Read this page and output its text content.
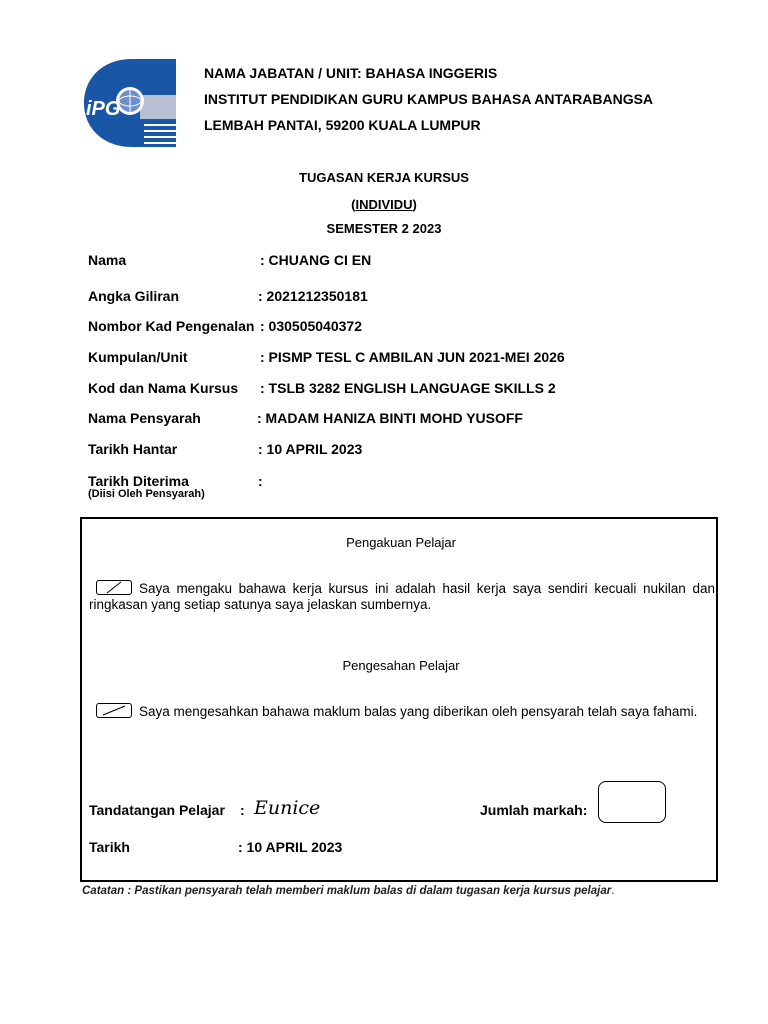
iPG
NAMA JABATAN / UNIT: BAHASA INGGERIS
INSTITUT PENDIDIKAN GURU KAMPUS BAHASA ANTARABANGSA
LEMBAH PANTAI, 59200 KUALA LUMPUR
TUGASAN KERJA KURSUS
(INDIVIDU)
SEMESTER 2 2023
Nama	: CHUANG CI EN
Angka Giliran	: 2021212350181
Nombor Kad Pengenalan : 030505040372
Kumpulan/Unit	: PISMP TESL C AMBILAN JUN 2021-MEI 2026
Kod dan Nama Kursus : TSLB 3282 ENGLISH LANGUAGE SKILLS 2
Nama Pensyarah	: MADAM HANIZA BINTI MOHD YUSOFF
Tarikh Hantar	: 10 APRIL 2023
Tarikh Diterima	:
(Diisi Oleh Pensyarah)
Pengakuan Pelajar
Saya mengaku bahawa kerja kursus ini adalah hasil kerja saya sendiri kecuali nukilan dan ringkasan yang setiap satunya saya jelaskan sumbernya.
Pengesahan Pelajar
Saya mengesahkan bahawa maklum balas yang diberikan oleh pensyarah telah saya fahami.
Tandatangan Pelajar : Eunice	Jumlah markah:
Tarikh	: 10 APRIL 2023
Catatan : Pastikan pensyarah telah memberi maklum balas di dalam tugasan kerja kursus pelajar.
